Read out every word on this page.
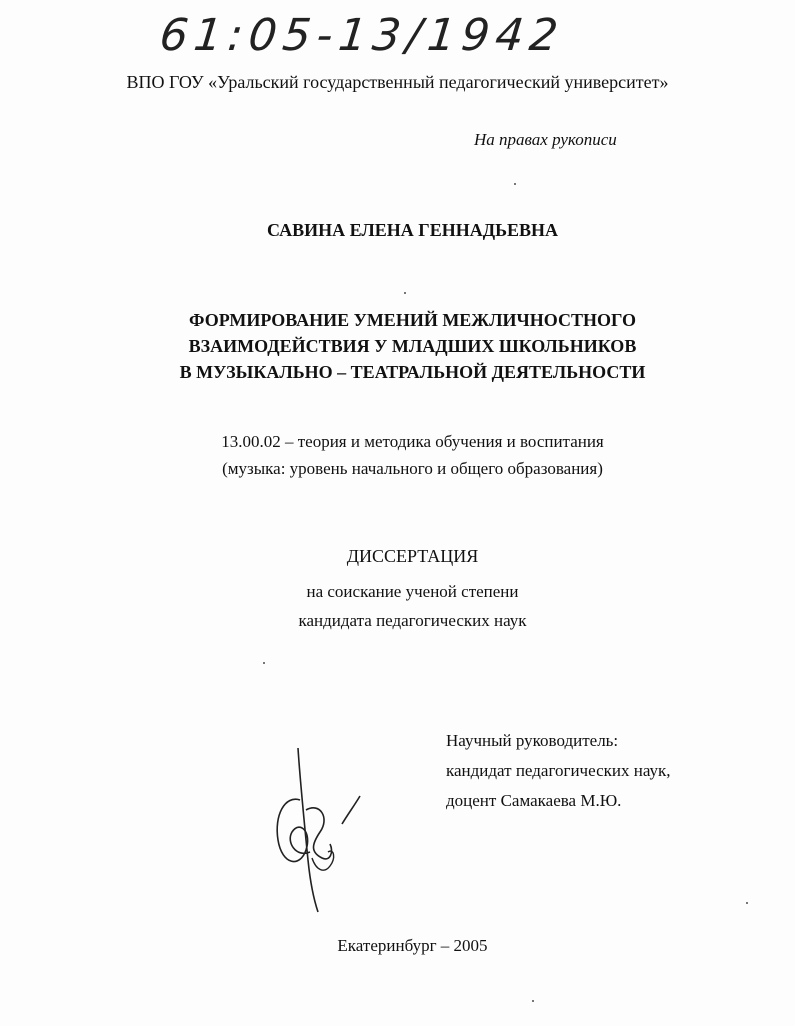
61:05-13/1942
ВПО ГОУ «Уральский государственный педагогический университет»
На правах рукописи
САВИНА ЕЛЕНА ГЕННАДЬЕВНА
ФОРМИРОВАНИЕ УМЕНИЙ МЕЖЛИЧНОСТНОГО
ВЗАИМОДЕЙСТВИЯ У МЛАДШИХ ШКОЛЬНИКОВ
В МУЗЫКАЛЬНО – ТЕАТРАЛЬНОЙ ДЕЯТЕЛЬНОСТИ
13.00.02 – теория и методика обучения и воспитания
(музыка: уровень начального и общего образования)
ДИССЕРТАЦИЯ
на соискание ученой степени
кандидата педагогических наук
Научный руководитель:
кандидат педагогических наук,
доцент Самакаева М.Ю.
Екатеринбург – 2005
